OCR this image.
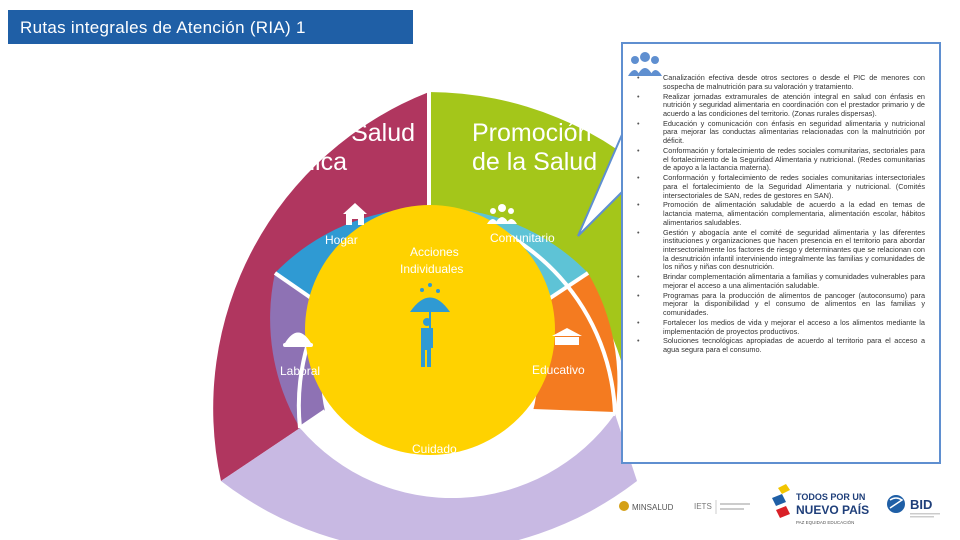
Rutas integrales de Atención (RIA) 1
Gestión Salud
Pública
Promoción
de la Salud
Hogar	Comunitario
Laboral	Educativo
Cuidado
Acciones
Individuales
• Canalización efectiva desde otros sectores o desde el PIC de menores con sospecha de malnutrición para su valoración y tratamiento.
• Realizar jornadas extramurales de atención integral en salud con énfasis en nutrición y seguridad alimentaria en coordinación con el prestador primario y de acuerdo a las condiciones del territorio. (Zonas rurales dispersas).
• Educación y comunicación con énfasis en seguridad alimentaria y nutricional para mejorar las conductas alimentarias relacionadas con la malnutrición por déficit.
• Conformación y fortalecimiento de redes sociales comunitarias, sectoriales para el fortalecimiento de la Seguridad Alimentaria y nutricional. (Redes comunitarias de apoyo a la lactancia materna).
• Conformación y fortalecimiento de redes sociales comunitarias intersectoriales para el fortalecimiento de la Seguridad Alimentaria y nutricional. (Comités intersectoriales de SAN, redes de gestores en SAN).
• Promoción de alimentación saludable de acuerdo a la edad en temas de lactancia materna, alimentación complementaria, alimentación escolar, hábitos alimentarios saludables.
• Gestión y abogacía ante el comité de seguridad alimentaria y las diferentes instituciones y organizaciones que hacen presencia en el territorio para abordar intersectorialmente los factores de riesgo y determinantes que se relacionan con la desnutrición infantil interviniendo integralmente las familias y comunidades de los niños y niñas con desnutrición.
• Brindar complementación alimentaria a familias y comunidades vulnerables para mejorar el acceso a una alimentación saludable.
• Programas para la producción de alimentos de pancoger (autoconsumo) para mejorar la disponibilidad y el consumo de alimentos en las familias y comunidades.
• Fortalecer los medios de vida y mejorar el acceso a los alimentos mediante la implementación de proyectos productivos.
• Soluciones tecnológicas apropiadas de acuerdo al territorio para el acceso a agua segura para el consumo.
MINSALUD	IETS
TODOS POR UN
NUEVO PAÍS
PAZ EQUIDAD EDUCACIÓN
BID
